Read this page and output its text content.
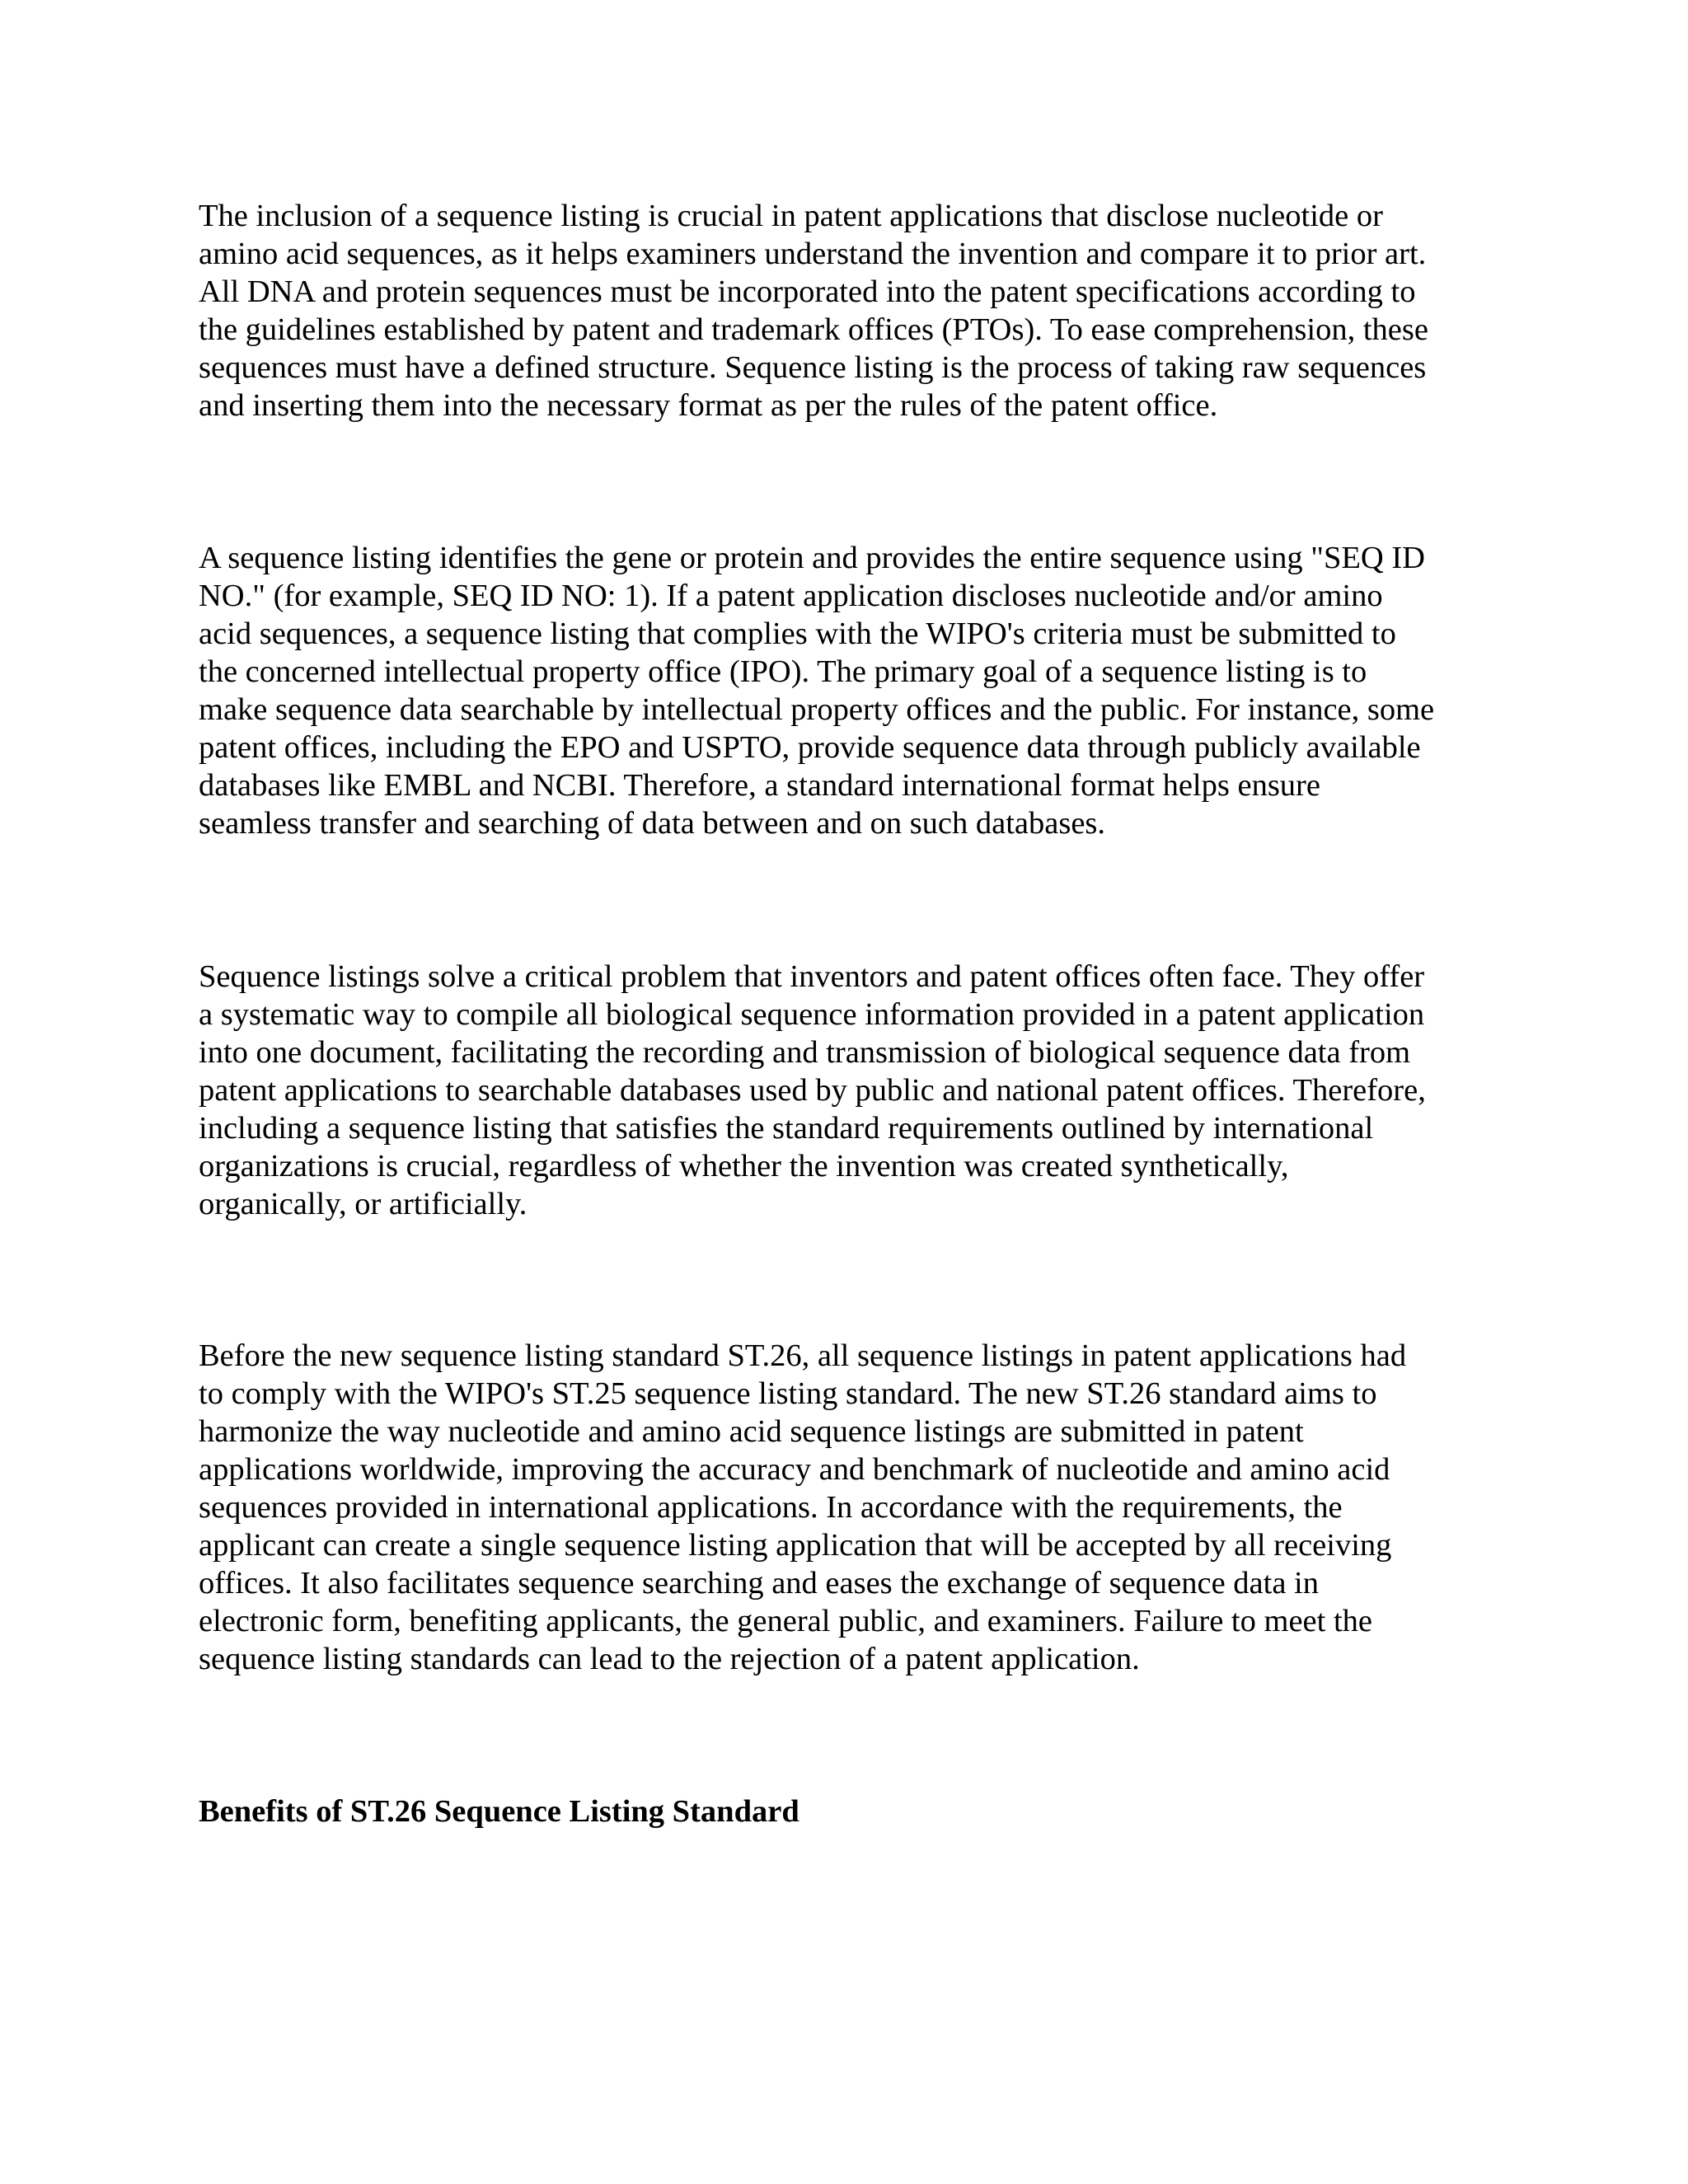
The inclusion of a sequence listing is crucial in patent applications that disclose nucleotide or
amino acid sequences, as it helps examiners understand the invention and compare it to prior art.
All DNA and protein sequences must be incorporated into the patent specifications according to
the guidelines established by patent and trademark offices (PTOs). To ease comprehension, these
sequences must have a defined structure. Sequence listing is the process of taking raw sequences
and inserting them into the necessary format as per the rules of the patent office.

A sequence listing identifies the gene or protein and provides the entire sequence using "SEQ ID
NO." (for example, SEQ ID NO: 1). If a patent application discloses nucleotide and/or amino
acid sequences, a sequence listing that complies with the WIPO's criteria must be submitted to
the concerned intellectual property office (IPO). The primary goal of a sequence listing is to
make sequence data searchable by intellectual property offices and the public. For instance, some
patent offices, including the EPO and USPTO, provide sequence data through publicly available
databases like EMBL and NCBI. Therefore, a standard international format helps ensure
seamless transfer and searching of data between and on such databases.

Sequence listings solve a critical problem that inventors and patent offices often face. They offer
a systematic way to compile all biological sequence information provided in a patent application
into one document, facilitating the recording and transmission of biological sequence data from
patent applications to searchable databases used by public and national patent offices. Therefore,
including a sequence listing that satisfies the standard requirements outlined by international
organizations is crucial, regardless of whether the invention was created synthetically,
organically, or artificially.

Before the new sequence listing standard ST.26, all sequence listings in patent applications had
to comply with the WIPO's ST.25 sequence listing standard. The new ST.26 standard aims to
harmonize the way nucleotide and amino acid sequence listings are submitted in patent
applications worldwide, improving the accuracy and benchmark of nucleotide and amino acid
sequences provided in international applications. In accordance with the requirements, the
applicant can create a single sequence listing application that will be accepted by all receiving
offices. It also facilitates sequence searching and eases the exchange of sequence data in
electronic form, benefiting applicants, the general public, and examiners. Failure to meet the
sequence listing standards can lead to the rejection of a patent application.

Benefits of ST.26 Sequence Listing Standard
